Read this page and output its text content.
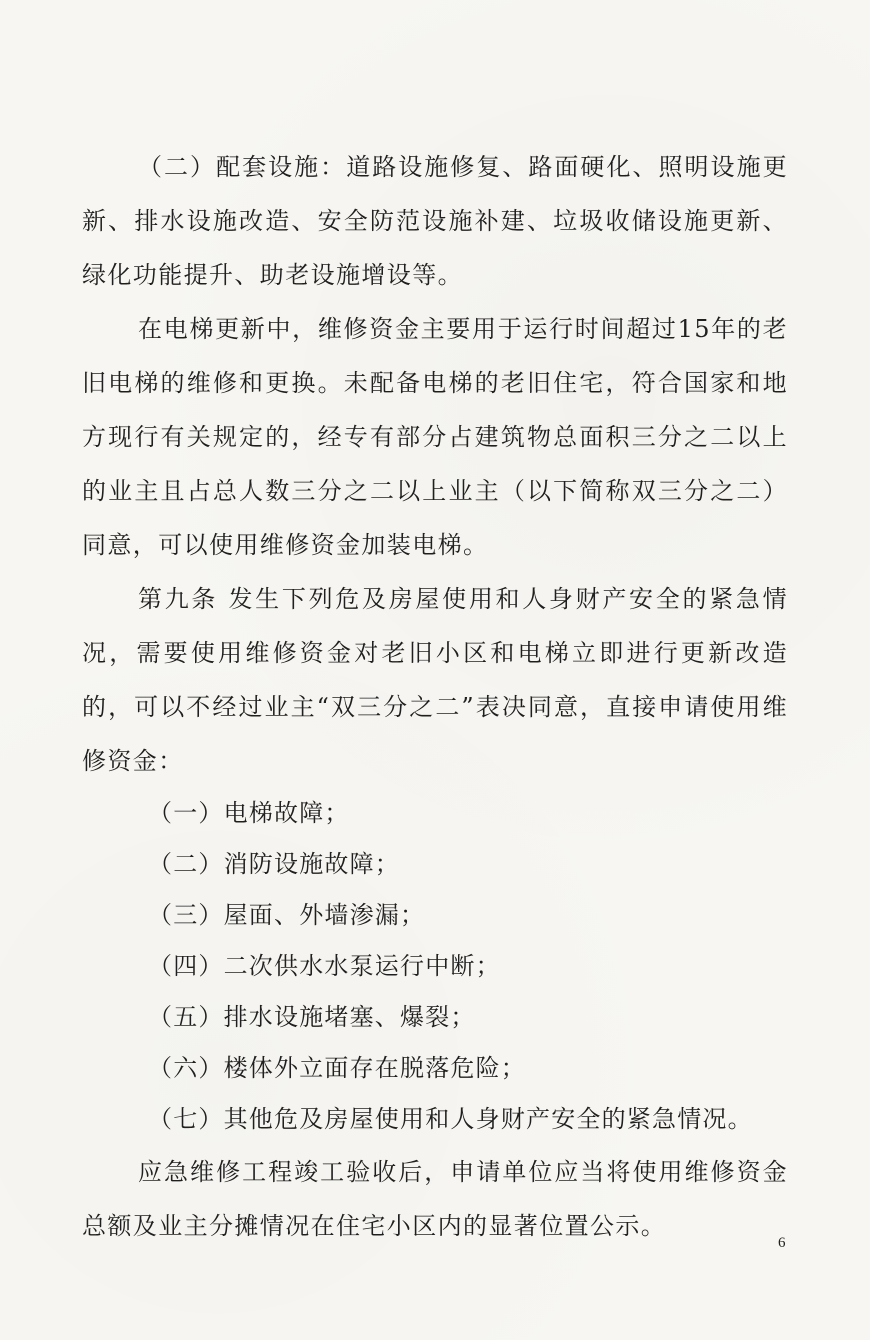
（二）配套设施：道路设施修复、路面硬化、照明设施更新、排水设施改造、安全防范设施补建、垃圾收储设施更新、绿化功能提升、助老设施增设等。

在电梯更新中，维修资金主要用于运行时间超过15年的老旧电梯的维修和更换。未配备电梯的老旧住宅，符合国家和地方现行有关规定的，经专有部分占建筑物总面积三分之二以上的业主且占总人数三分之二以上业主（以下简称双三分之二）同意，可以使用维修资金加装电梯。

第九条 发生下列危及房屋使用和人身财产安全的紧急情况，需要使用维修资金对老旧小区和电梯立即进行更新改造的，可以不经过业主“双三分之二”表决同意，直接申请使用维修资金：

（一）电梯故障；

（二）消防设施故障；

（三）屋面、外墙渗漏；

（四）二次供水水泵运行中断；

（五）排水设施堵塞、爆裂；

（六）楼体外立面存在脱落危险；

（七）其他危及房屋使用和人身财产安全的紧急情况。

应急维修工程竣工验收后，申请单位应当将使用维修资金总额及业主分摊情况在住宅小区内的显著位置公示。

6
